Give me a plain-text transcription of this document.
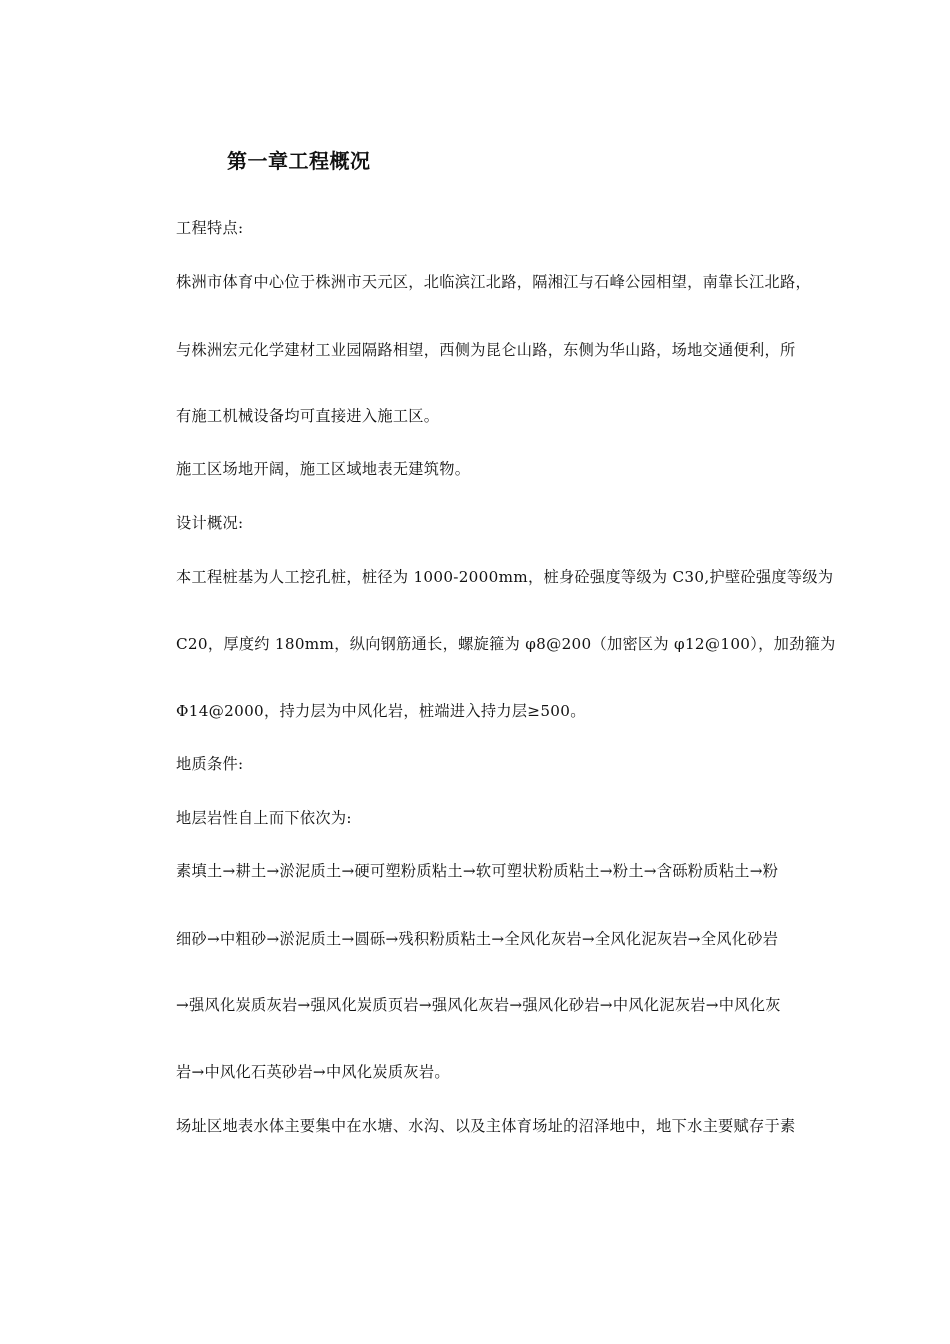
第一章工程概况
工程特点:
株洲市体育中心位于株洲市天元区，北临滨江北路，隔湘江与石峰公园相望，南靠长江北路，
与株洲宏元化学建材工业园隔路相望，西侧为昆仑山路，东侧为华山路，场地交通便利，所
有施工机械设备均可直接进入施工区。
施工区场地开阔，施工区域地表无建筑物。
设计概况:
本工程桩基为人工挖孔桩，桩径为 1000-2000mm，桩身砼强度等级为 C30,护壁砼强度等级为
C20，厚度约 180mm，纵向钢筋通长，螺旋箍为 φ8@200（加密区为 φ12@100），加劲箍为
Φ14@2000，持力层为中风化岩，桩端进入持力层≥500。
地质条件:
地层岩性自上而下依次为:
素填土→耕土→淤泥质土→硬可塑粉质粘土→软可塑状粉质粘土→粉土→含砾粉质粘土→粉
细砂→中粗砂→淤泥质土→圆砾→残积粉质粘土→全风化灰岩→全风化泥灰岩→全风化砂岩
→强风化炭质灰岩→强风化炭质页岩→强风化灰岩→强风化砂岩→中风化泥灰岩→中风化灰
岩→中风化石英砂岩→中风化炭质灰岩。
场址区地表水体主要集中在水塘、水沟、以及主体育场址的沼泽地中，地下水主要赋存于素
